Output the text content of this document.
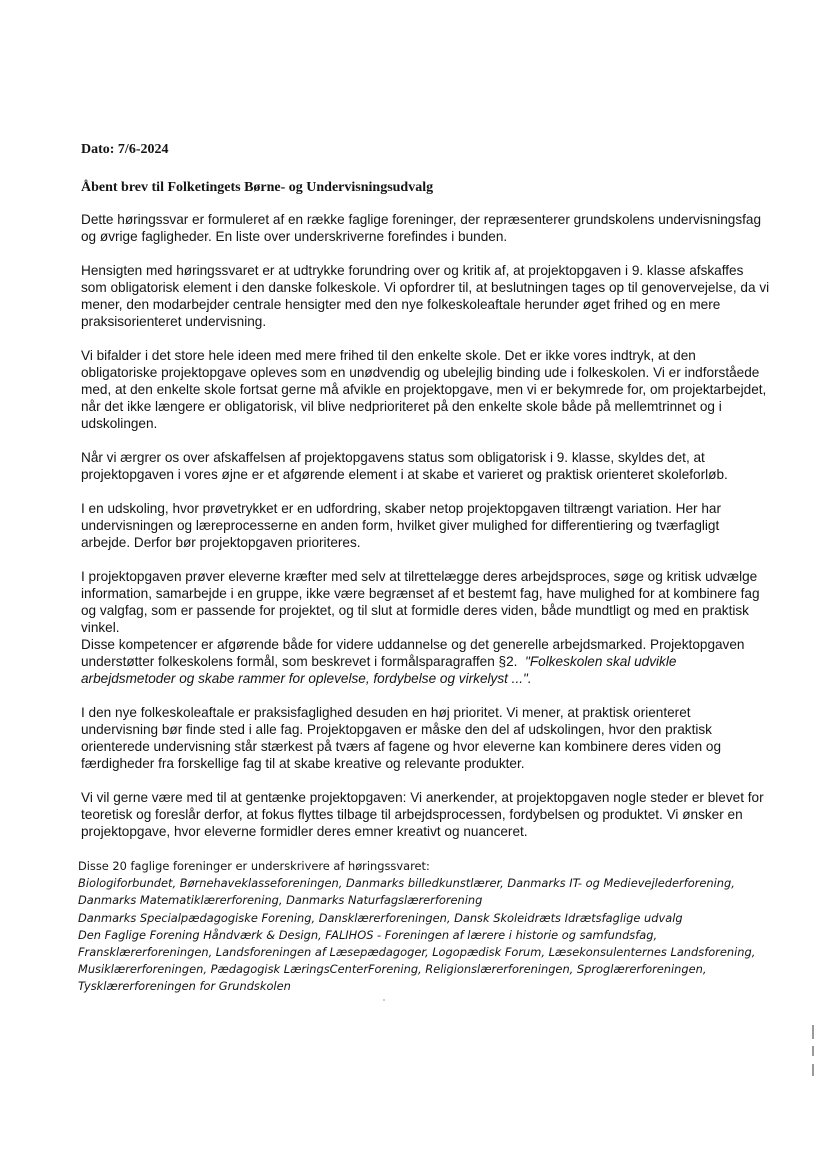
Dato: 7/6-2024

Åbent brev til Folketingets Børne- og Undervisningsudvalg

Dette høringssvar er formuleret af en række faglige foreninger, der repræsenterer grundskolens undervisningsfag og øvrige fagligheder. En liste over underskriverne forefindes i bunden.

Hensigten med høringssvaret er at udtrykke forundring over og kritik af, at projektopgaven i 9. klasse afskaffes som obligatorisk element i den danske folkeskole. Vi opfordrer til, at beslutningen tages op til genovervejelse, da vi mener, den modarbejder centrale hensigter med den nye folkeskoleaftale herunder øget frihed og en mere praksisorienteret undervisning.

Vi bifalder i det store hele ideen med mere frihed til den enkelte skole. Det er ikke vores indtryk, at den obligatoriske projektopgave opleves som en unødvendig og ubelejlig binding ude i folkeskolen. Vi er indforståede med, at den enkelte skole fortsat gerne må afvikle en projektopgave, men vi er bekymrede for, om projektarbejdet, når det ikke længere er obligatorisk, vil blive nedprioriteret på den enkelte skole både på mellemtrinnet og i udskolingen.

Når vi ærgrer os over afskaffelsen af projektopgavens status som obligatorisk i 9. klasse, skyldes det, at projektopgaven i vores øjne er et afgørende element i at skabe et varieret og praktisk orienteret skoleforløb.

I en udskoling, hvor prøvetrykket er en udfordring, skaber netop projektopgaven tiltrængt variation. Her har undervisningen og læreprocesserne en anden form, hvilket giver mulighed for differentiering og tværfagligt arbejde. Derfor bør projektopgaven prioriteres.

I projektopgaven prøver eleverne kræfter med selv at tilrettelægge deres arbejdsproces, søge og kritisk udvælge information, samarbejde i en gruppe, ikke være begrænset af et bestemt fag, have mulighed for at kombinere fag og valgfag, som er passende for projektet, og til slut at formidle deres viden, både mundtligt og med en praktisk vinkel.

Disse kompetencer er afgørende både for videre uddannelse og det generelle arbejdsmarked. Projektopgaven understøtter folkeskolens formål, som beskrevet i formålsparagraffen §2. "Folkeskolen skal udvikle arbejdsmetoder og skabe rammer for oplevelse, fordybelse og virkelyst ...".

I den nye folkeskoleaftale er praksisfaglighed desuden en høj prioritet. Vi mener, at praktisk orienteret undervisning bør finde sted i alle fag. Projektopgaven er måske den del af udskolingen, hvor den praktisk orienterede undervisning står stærkest på tværs af fagene og hvor eleverne kan kombinere deres viden og færdigheder fra forskellige fag til at skabe kreative og relevante produkter.

Vi vil gerne være med til at gentænke projektopgaven: Vi anerkender, at projektopgaven nogle steder er blevet for teoretisk og foreslår derfor, at fokus flyttes tilbage til arbejdsprocessen, fordybelsen og produktet. Vi ønsker en projektopgave, hvor eleverne formidler deres emner kreativt og nuanceret.

Disse 20 faglige foreninger er underskrivere af høringssvaret:

Biologiforbundet, Børnehaveklasseforeningen, Danmarks billedkunstlærer, Danmarks IT- og Medievejlederforening,
Danmarks Matematiklærerforening, Danmarks Naturfagslærerforening
Danmarks Specialpædagogiske Forening, Dansklærerforeningen, Dansk Skoleidræts Idrætsfaglige udvalg
Den Faglige Forening Håndværk & Design, FALIHOS - Foreningen af lærere i historie og samfundsfag,
Fransklærerforeningen, Landsforeningen af Læsepædagoger, Logopædisk Forum, Læsekonsulenternes Landsforening,
Musiklærerforeningen, Pædagogisk LæringsCenterForening, Religionslærerforeningen, Sproglærerforeningen,
Tysklærerforeningen for Grundskolen
